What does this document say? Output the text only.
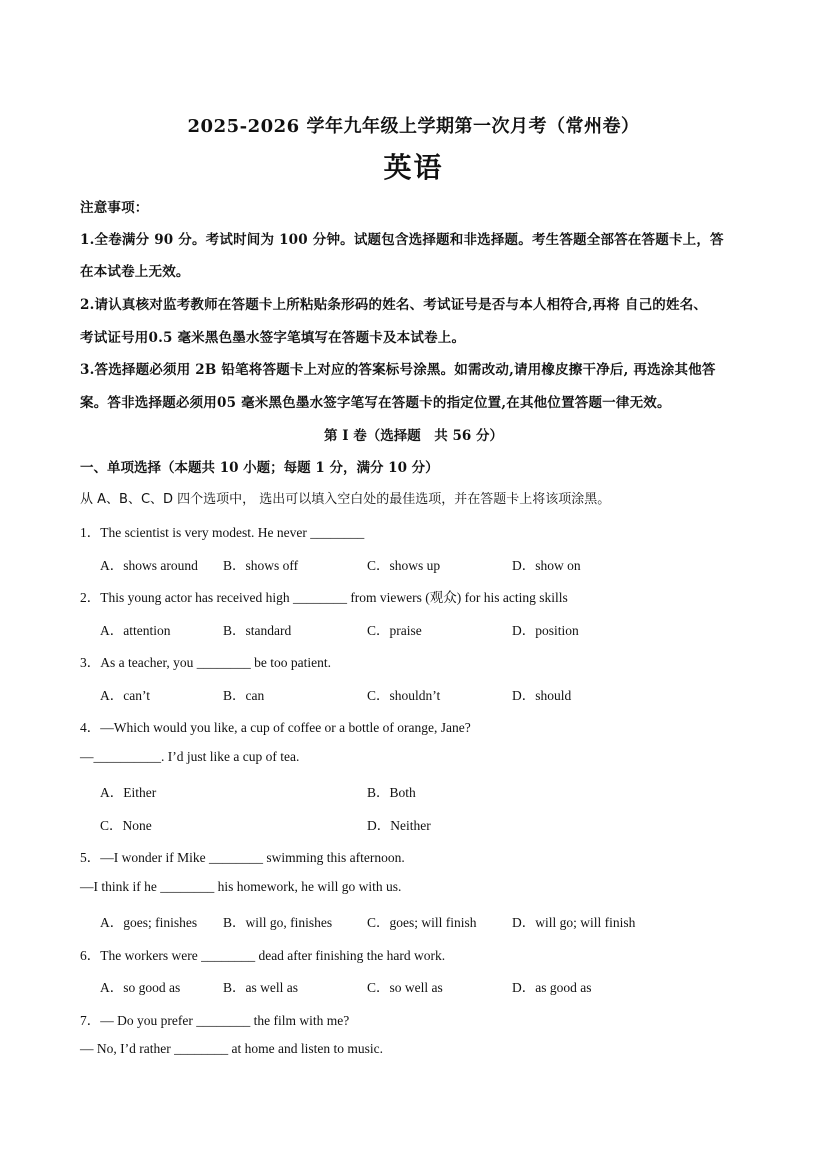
2025-2026 学年九年级上学期第一次月考（常州卷）
英语
注意事项：
1.全卷满分 90 分。考试时间为 100 分钟。试题包含选择题和非选择题。考生答题全部答在答题卡上，答
在本试卷上无效。
2.请认真核对监考教师在答题卡上所粘贴条形码的姓名、考试证号是否与本人相符合,再将 自己的姓名、
考试证号用0.5 毫米黑色墨水签字笔填写在答题卡及本试卷上。
3.答选择题必须用 2B 铅笔将答题卡上对应的答案标号涂黑。如需改动,请用橡皮擦干净后, 再选涂其他答
案。答非选择题必须用05 毫米黑色墨水签字笔写在答题卡的指定位置,在其他位置答题一律无效。
第 I 卷（选择题　共 56 分）
一、单项选择（本题共 10 小题；每题 1 分，满分 10 分）
从 A、B、C、D 四个选项中， 选出可以填入空白处的最佳选项，并在答题卡上将该项涂黑。
1．The scientist is very modest. He never ________
A．shows around B．shows off	C．shows up	D．show on
2．This young actor has received high ________ from viewers (观众) for his acting skills
A．attention	B．standard	C．praise	D．position
3．As a teacher, you ________ be too patient.
A．can’t	B．can	C．shouldn’t	D．should
4．—Which would you like, a cup of coffee or a bottle of orange, Jane?
—__________. I’d just like a cup of tea.
A．Either	B．Both
C．None	D．Neither
5．—I wonder if Mike ________ swimming this afternoon.
—I think if he ________ his homework, he will go with us.
A．goes; finishes B．will go, finishes	C．goes; will finish	D．will go; will finish
6．The workers were ________ dead after finishing the hard work.
A．so good as	B．as well as	C．so well as	D．as good as
7．— Do you prefer ________ the film with me?
— No, I’d rather ________ at home and listen to music.
